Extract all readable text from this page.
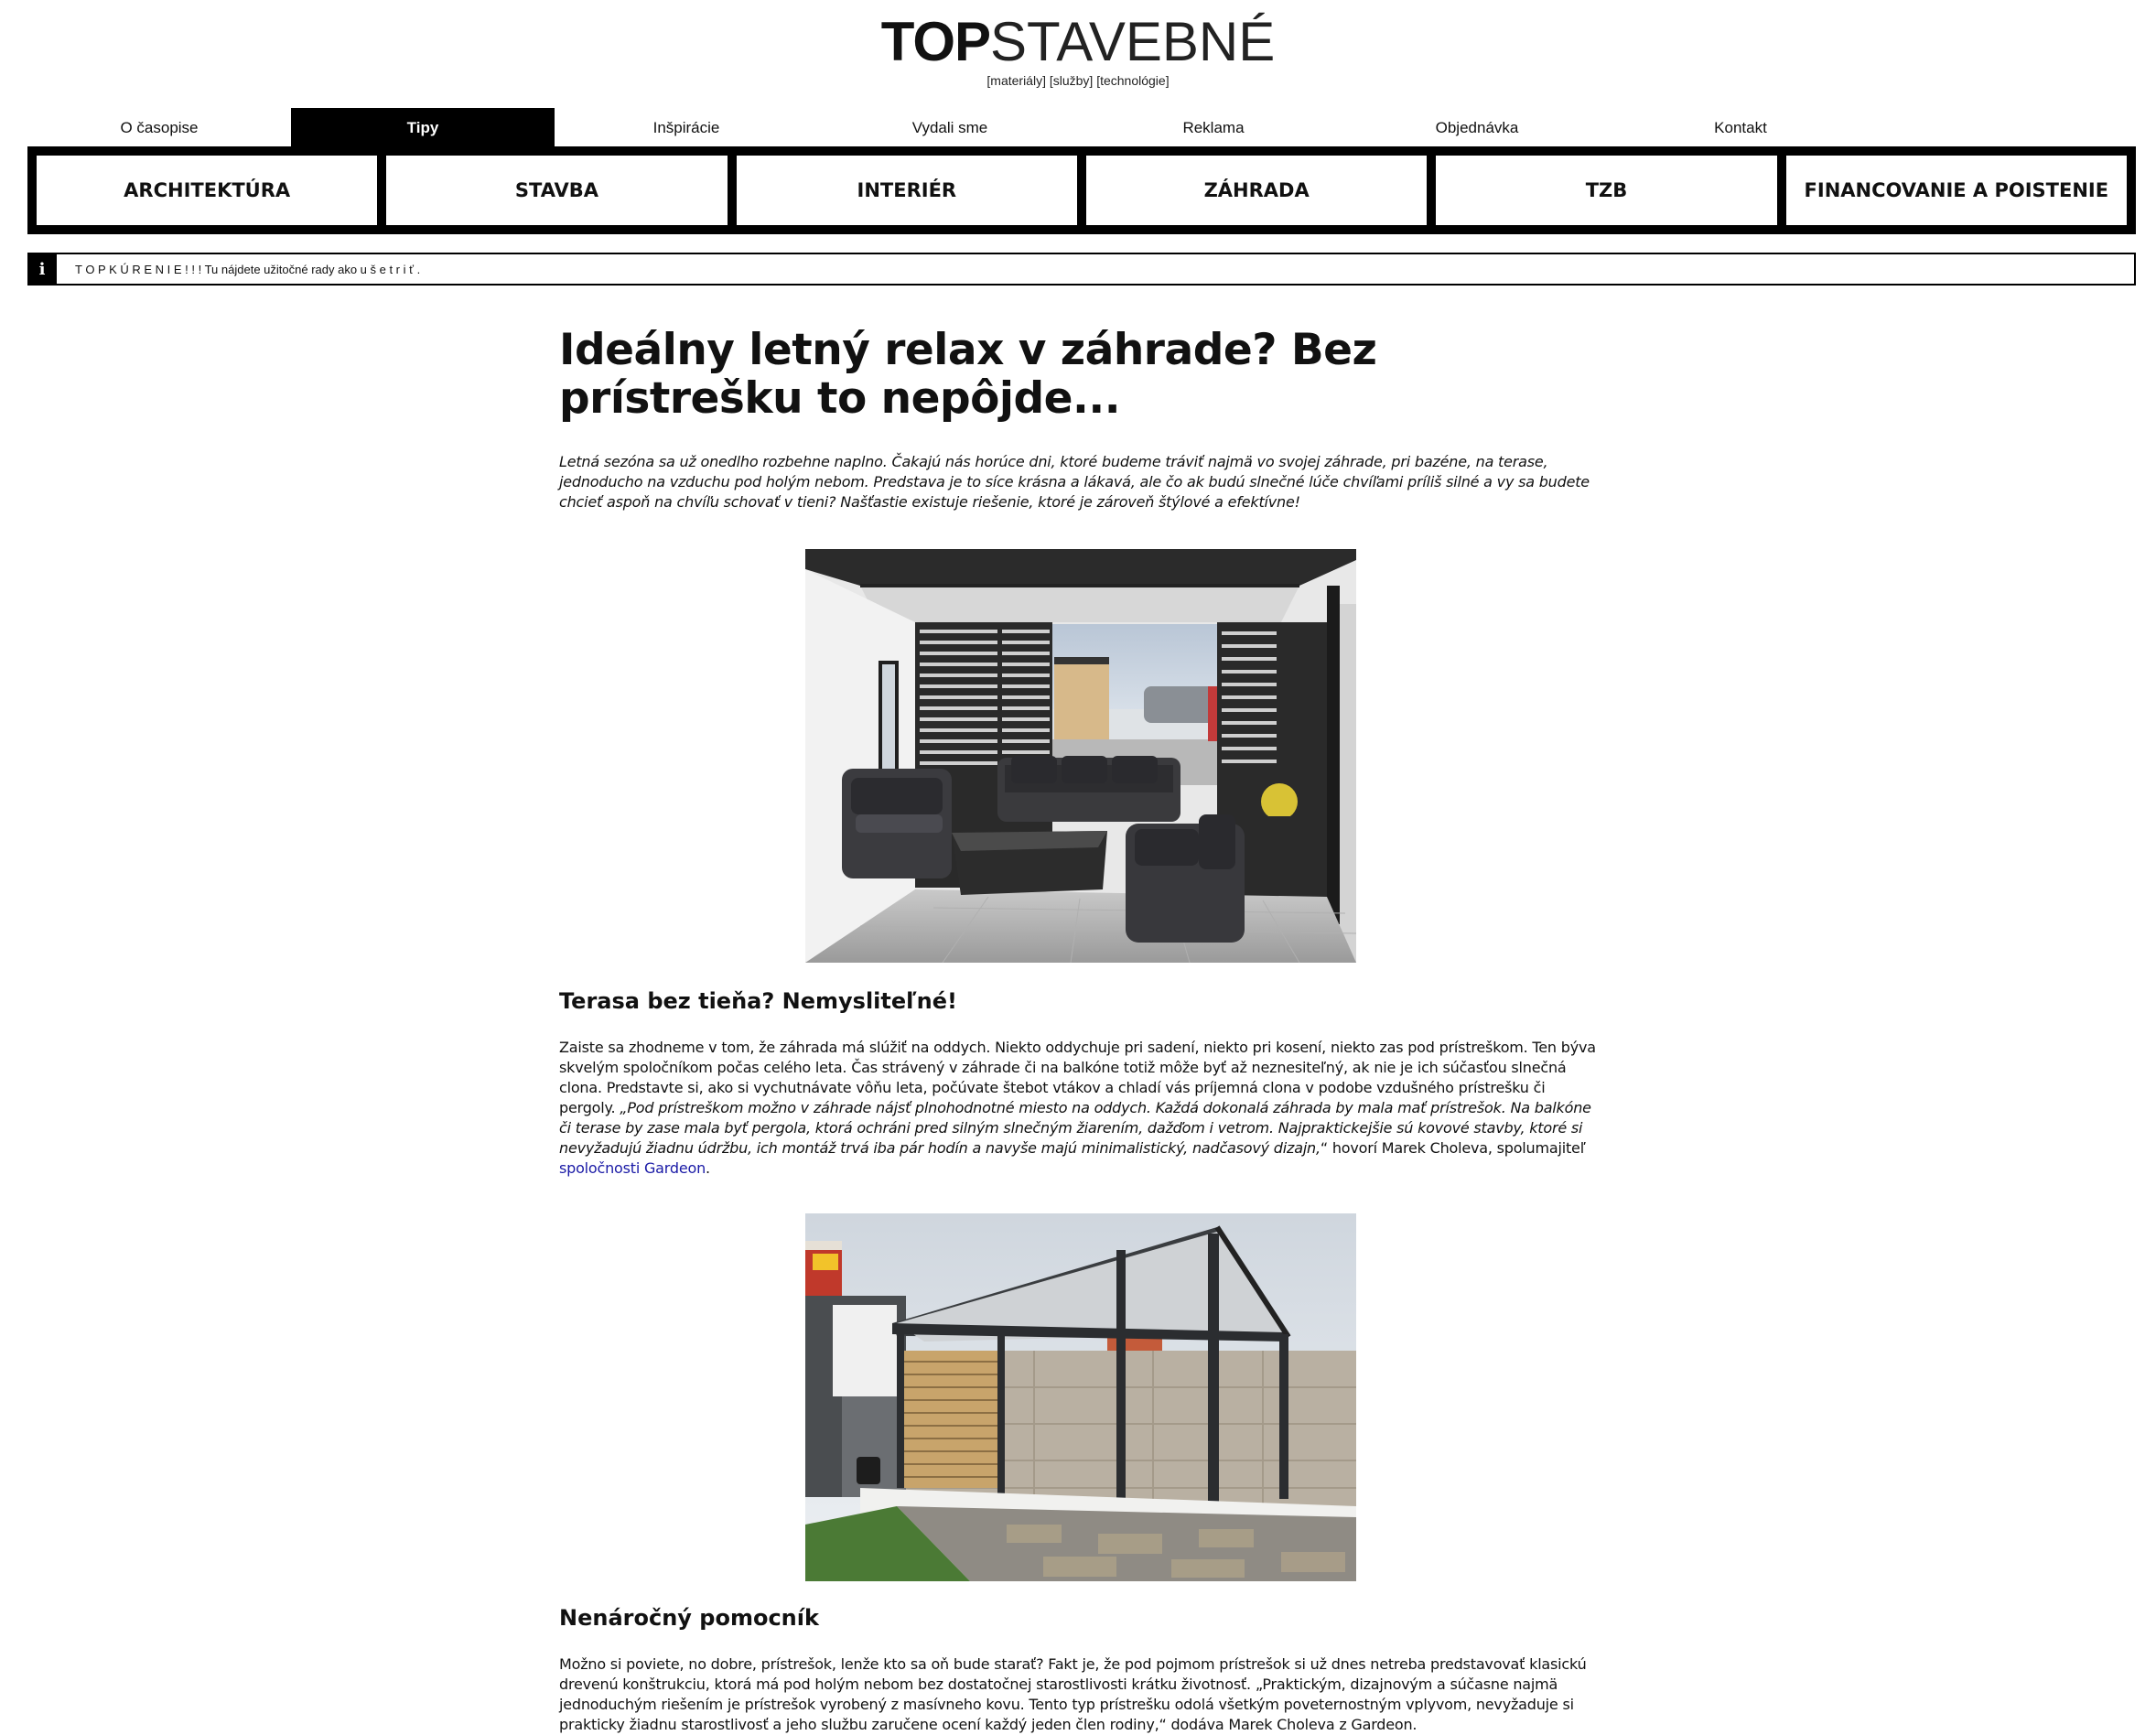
TOPSTAVEBNÉ
[materiály] [služby] [technológie]
O časopise	Tipy	Inšpirácie	Vydali sme	Reklama	Objednávka	Kontakt
ARCHITEKTÚRA	STAVBA	INTERIÉR	ZÁHRADA	TZB	FINANCOVANIE A POISTENIE
i	T O P K Ú R E N I E ! ! ! Tu nájdete užitočné rady ako u š e t r i ť .
Ideálny letný relax v záhrade? Bez prístrešku to nepôjde...

Letná sezóna sa už onedlho rozbehne naplno. Čakajú nás horúce dni, ktoré budeme tráviť najmä vo svojej záhrade, pri bazéne, na terase, jednoducho na vzduchu pod holým nebom. Predstava je to síce krásna a lákavá, ale čo ak budú slnečné lúče chvíľami príliš silné a vy sa budete chcieť aspoň na chvíľu schovať v tieni? Našťastie existuje riešenie, ktoré je zároveň štýlové a efektívne!

Terasa bez tieňa? Nemysliteľné!

Zaiste sa zhodneme v tom, že záhrada má slúžiť na oddych. Niekto oddychuje pri sadení, niekto pri kosení, niekto zas pod prístreškom. Ten býva skvelým spoločníkom počas celého leta. Čas strávený v záhrade či na balkóne totiž môže byť až neznesiteľný, ak nie je ich súčasťou slnečná clona. Predstavte si, ako si vychutnávate vôňu leta, počúvate štebot vtákov a chladí vás príjemná clona v podobe vzdušného prístrešku či pergoly. „Pod prístreškom možno v záhrade nájsť plnohodnotné miesto na oddych. Každá dokonalá záhrada by mala mať prístrešok. Na balkóne či terase by zase mala byť pergola, ktorá ochráni pred silným slnečným žiarením, dažďom i vetrom. Najpraktickejšie sú kovové stavby, ktoré si nevyžadujú žiadnu údržbu, ich montáž trvá iba pár hodín a navyše majú minimalistický, nadčasový dizajn,“ hovorí Marek Choleva, spolumajiteľ spoločnosti Gardeon.

Nenáročný pomocník

Možno si poviete, no dobre, prístrešok, lenže kto sa oň bude starať? Fakt je, že pod pojmom prístrešok si už dnes netreba predstavovať klasickú drevenú konštrukciu, ktorá má pod holým nebom bez dostatočnej starostlivosti krátku životnosť. „Praktickým, dizajnovým a súčasne najmä jednoduchým riešením je prístrešok vyrobený z masívneho kovu. Tento typ prístrešku odolá všetkým poveternostným vplyvom, nevyžaduje si prakticky žiadnu starostlivosť a jeho službu zaručene ocení každý jeden člen rodiny,“ dodáva Marek Choleva z Gardeon.
